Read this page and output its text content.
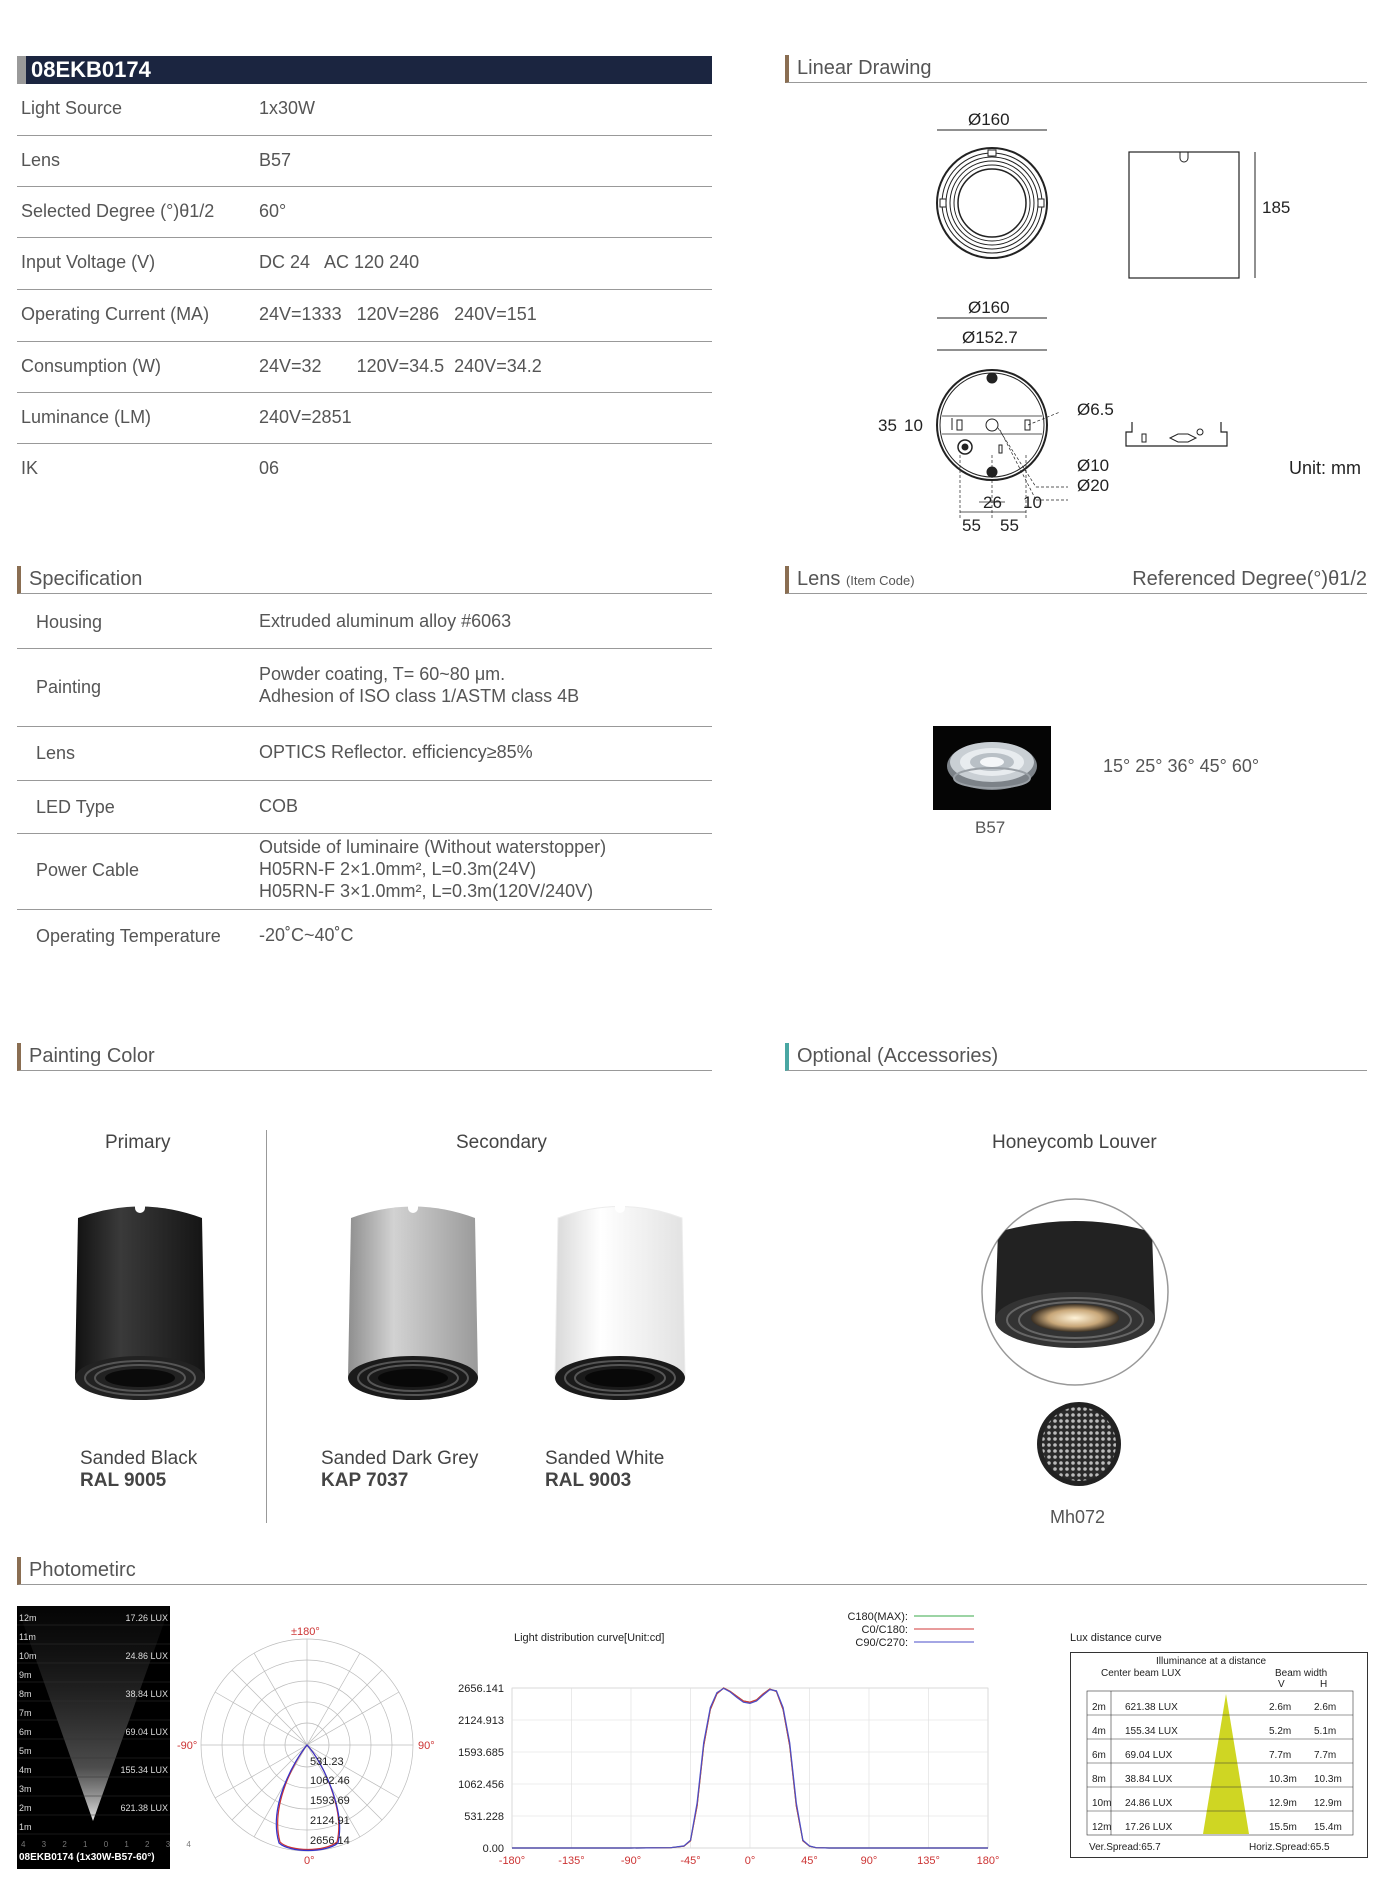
08EKB0174
Light Source	1x30W
Lens	B57
Selected Degree (°)θ1/2 60°
Input Voltage (V)	DC 24   AC 120 240
Operating Current (MA)	24V=1333   120V=286   240V=151
Consumption (W)	24V=32       120V=34.5  240V=34.2
Luminance (LM)	240V=2851
IK	06
Linear Drawing
Ø160
185
Ø160
Ø152.7
Ø6.5
Ø10
Ø20
35 10
26 10
55 55
Unit: mm
Specification
Housing	Extruded aluminum alloy #6063
Painting
Powder coating, T= 60~80 μm.
Adhesion of ISO class 1/ASTM class 4B
Lens	OPTICS Reflector. efficiency≥85%
LED Type	COB
Power Cable
Outside of luminaire (Without waterstopper)
H05RN-F 2×1.0mm², L=0.3m(24V)
H05RN-F 3×1.0mm², L=0.3m(120V/240V)
Operating Temperature -20˚C~40˚C
Lens (Item Code)	Referenced Degree(°)θ1/2
B57
15° 25° 36° 45° 60°
Painting Color
Primary	Secondary
Sanded Black
RAL 9005
Sanded Dark Grey
KAP 7037
Sanded White
RAL 9003
Optional (Accessories)
Honeycomb Louver
Mh072
Photometirc
12m	17.26 LUX
11m
10m	24.86 LUX
9m
8m	38.84 LUX
7m
6m	69.04 LUX
5m
4m	155.34 LUX
3m
2m	621.38 LUX
1m
4 3 2 1 0 1 2 3 4
08EKB0174 (1x30W-B57-60°)
±180°
-90°	90°
0°
531.23
1062.46
1593.69
2124.91
2656.14
Light distribution curve[Unit:cd]
C180(MAX):
C0/C180:
C90/C270:
0.00
531.228
1062.456
1593.685
2124.913
2656.141
-180°	-135°	-90°	-45°	0°	45°	90°	135°	180°
Lux distance curve
Illuminance at a distance
Center beam LUX	Beam width
V	H
2m 621.38 LUX	2.6m 2.6m
4m 155.34 LUX	5.2m 5.1m
6m 69.04 LUX	7.7m 7.7m
8m 38.84 LUX	10.3m 10.3m
10m 24.86 LUX	12.9m 12.9m
12m 17.26 LUX	15.5m 15.4m
Ver.Spread:65.7	Horiz.Spread:65.5
